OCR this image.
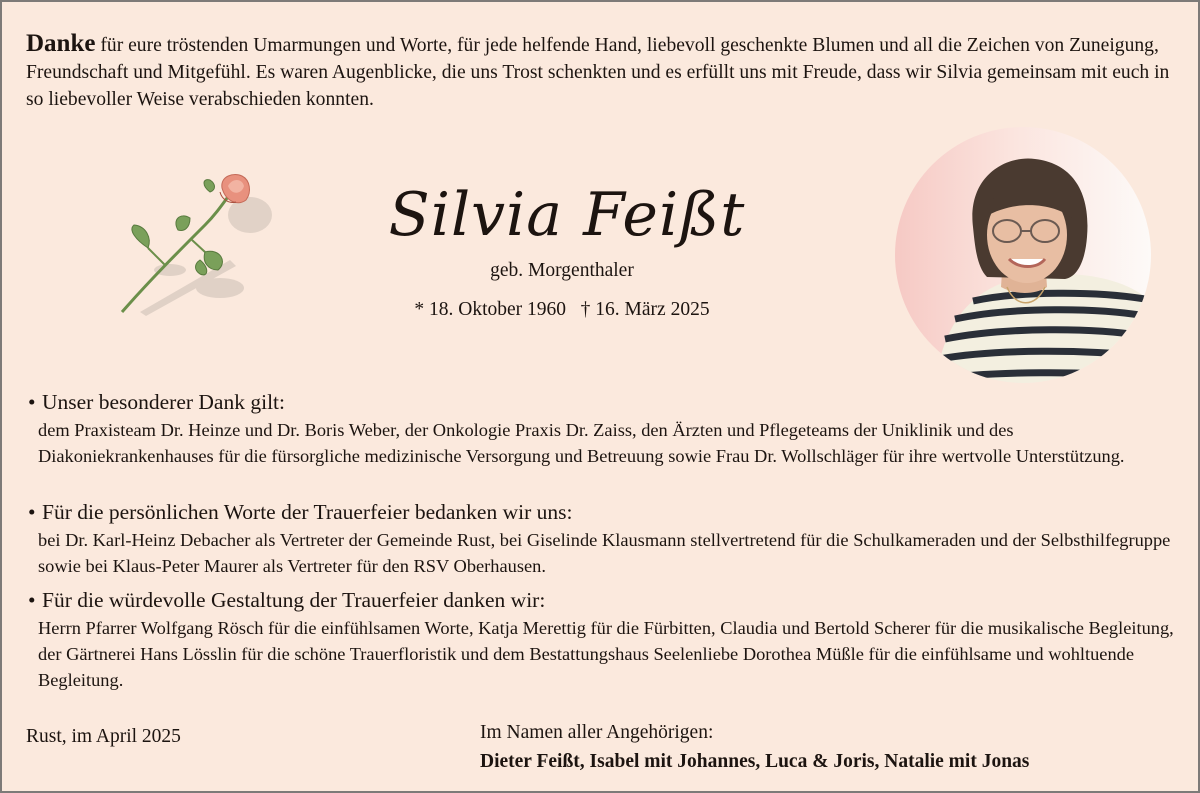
Danke für eure tröstenden Umarmungen und Worte, für jede helfende Hand, liebevoll geschenkte Blumen und all die Zeichen von Zuneigung, Freundschaft und Mitgefühl. Es waren Augenblicke, die uns Trost schenkten und es erfüllt uns mit Freude, dass wir Silvia gemeinsam mit euch in so liebevoller Weise verabschieden konnten.

Silvia Feißt
geb. Morgenthaler
* 18. Oktober 1960   † 16. März 2025
• Unser besonderer Dank gilt:
dem Praxisteam Dr. Heinze und Dr. Boris Weber, der Onkologie Praxis Dr. Zaiss, den Ärzten und Pflegeteams der Uniklinik und des Diakoniekrankenhauses für die fürsorgliche medizinische Versorgung und Betreuung sowie Frau Dr. Wollschläger für ihre wertvolle Unterstützung.
• Für die persönlichen Worte der Trauerfeier bedanken wir uns:
bei Dr. Karl-Heinz Debacher als Vertreter der Gemeinde Rust, bei Giselinde Klausmann stellvertretend für die Schulkameraden und der Selbsthilfegruppe sowie bei Klaus-Peter Maurer als Vertreter für den RSV Oberhausen.
• Für die würdevolle Gestaltung der Trauerfeier danken wir:
Herrn Pfarrer Wolfgang Rösch für die einfühlsamen Worte, Katja Merettig für die Fürbitten, Claudia und Bertold Scherer für die musikalische Begleitung, der Gärtnerei Hans Lösslin für die schöne Trauerfloristik und dem Bestattungshaus Seelenliebe Dorothea Müßle für die einfühlsame und wohltuende Begleitung.
Rust, im April 2025	Im Namen aller Angehörigen:
Dieter Feißt, Isabel mit Johannes, Luca & Joris, Natalie mit Jonas
